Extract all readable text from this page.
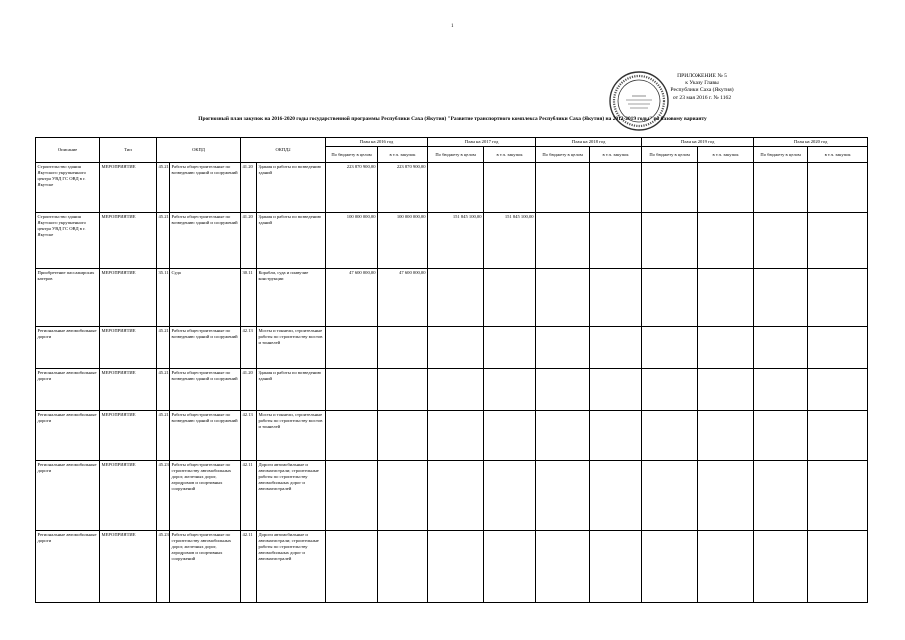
1
ПРИЛОЖЕНИЕ № 5
к Указу Главы
Республики Саха (Якутия)
от 23 мая 2016 г. № 1162
Прогнозный план закупок на 2016-2020 годы государственной программы Республики Саха (Якутия) "Развитие транспортного комплекса Республики Саха (Якутия) на 2012-2019 годы" по базовому варианту
Описание	Тип	ОКПД		ОКПД2		План на 2016 год		План на 2017 год		План на 2018 год		План на 2019 год		План на 2020 год	
						По бюджету в целом	в т.ч. закупок	По бюджету в целом	в т.ч. закупок	По бюджету в целом	в т.ч. закупок	По бюджету в целом	в т.ч. закупок	По бюджету в целом	в т.ч. закупок
Строительство здания Якутского укрупненного центра УВД ГС ОВД в г. Якутске	МЕРОПРИЯТИЕ	45.21	Работы общестроительные по возведению зданий и сооружений	41.20	Здания и работы по возведению зданий	223 870 900,00	223 870 900,00								
Строительство здания Якутского укрупненного центра УВД ГС ОВД в г. Якутске	МЕРОПРИЯТИЕ	45.21	Работы общестроительные по возведению зданий и сооружений	41.20	Здания и работы по возведению зданий	100 000 000,00	100 000 000,00	151 845 100,00	151 845 100,00						
Приобретение пассажирских катеров	МЕРОПРИЯТИЕ	35.11	Суда	30.11	Корабли, суда и плавучие конструкции	47 600 000,00	47 600 000,00								
Региональные автомобильные дороги	МЕРОПРИЯТИЕ	45.21	Работы общестроительные по возведению зданий и сооружений	42.13	Мосты и тоннели, строительные работы по строительству мостов и тоннелей										
Региональные автомобильные дороги	МЕРОПРИЯТИЕ	45.21	Работы общестроительные по возведению зданий и сооружений	41.20	Здания и работы по возведению зданий										
Региональные автомобильные дороги	МЕРОПРИЯТИЕ	45.21	Работы общестроительные по возведению зданий и сооружений	42.13	Мосты и тоннели, строительные работы по строительству мостов и тоннелей										
Региональные автомобильные дороги	МЕРОПРИЯТИЕ	45.23	Работы общестроительные по строительству автомобильных дорог, железных дорог, аэродромов и спортивных сооружений	42.11	Дороги автомобильные и автомагистрали; строительные работы по строительству автомобильных дорог и автомагистралей										
Региональные автомобильные дороги	МЕРОПРИЯТИЕ	45.23	Работы общестроительные по строительству автомобильных дорог, железных дорог, аэродромов и спортивных сооружений	42.11	Дороги автомобильные и автомагистрали; строительные работы по строительству автомобильных дорог и автомагистралей										
